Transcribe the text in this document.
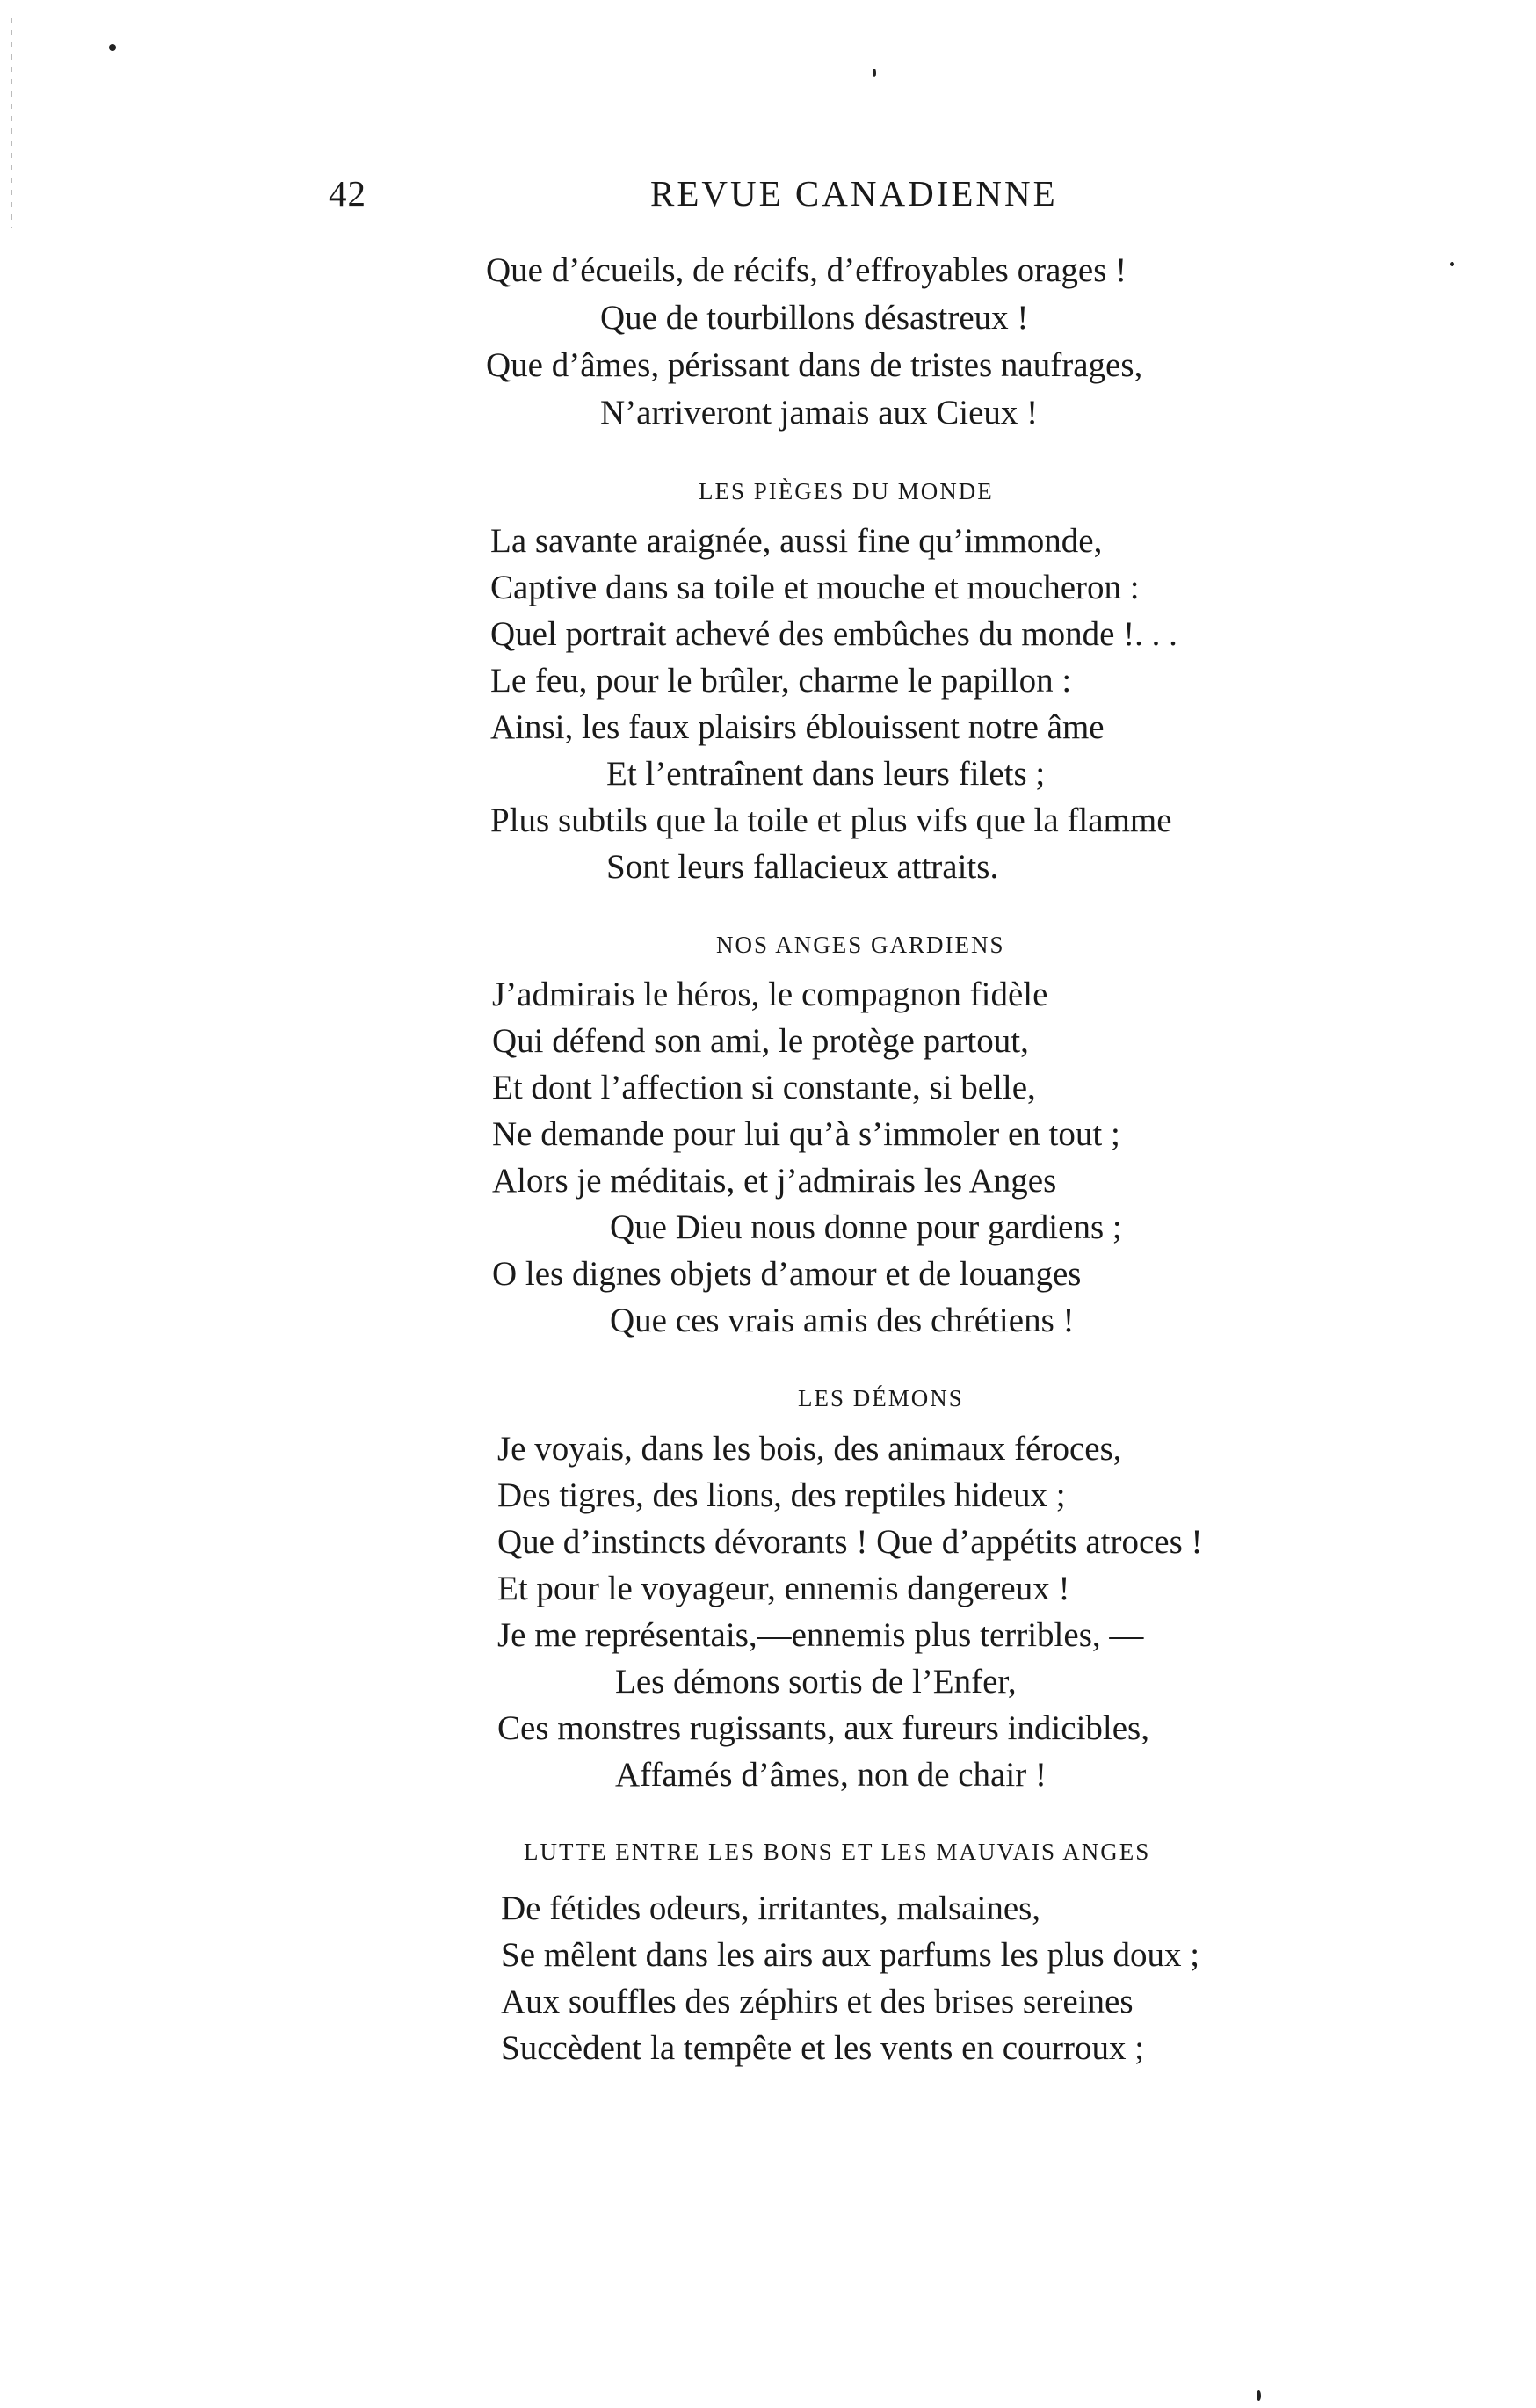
42	REVUE CANADIENNE
Que d’écueils, de récifs, d’effroyables orages !
Que de tourbillons désastreux !
Que d’âmes, périssant dans de tristes naufrages,
N’arriveront jamais aux Cieux !
LES PIÈGES DU MONDE
La savante araignée, aussi fine qu’immonde,
Captive dans sa toile et mouche et moucheron :
Quel portrait achevé des embûches du monde !. . .
Le feu, pour le brûler, charme le papillon :
Ainsi, les faux plaisirs éblouissent notre âme
Et l’entraînent dans leurs filets ;
Plus subtils que la toile et plus vifs que la flamme
Sont leurs fallacieux attraits.
NOS ANGES GARDIENS
J’admirais le héros, le compagnon fidèle
Qui défend son ami, le protège partout,
Et dont l’affection si constante, si belle,
Ne demande pour lui qu’à s’immoler en tout ;
Alors je méditais, et j’admirais les Anges
Que Dieu nous donne pour gardiens ;
O les dignes objets d’amour et de louanges
Que ces vrais amis des chrétiens !
LES DÉMONS
Je voyais, dans les bois, des animaux féroces,
Des tigres, des lions, des reptiles hideux ;
Que d’instincts dévorants ! Que d’appétits atroces !
Et pour le voyageur, ennemis dangereux !
Je me représentais,—ennemis plus terribles, —
Les démons sortis de l’Enfer,
Ces monstres rugissants, aux fureurs indicibles,
Affamés d’âmes, non de chair !
LUTTE ENTRE LES BONS ET LES MAUVAIS ANGES
De fétides odeurs, irritantes, malsaines,
Se mêlent dans les airs aux parfums les plus doux ;
Aux souffles des zéphirs et des brises sereines
Succèdent la tempête et les vents en courroux ;
